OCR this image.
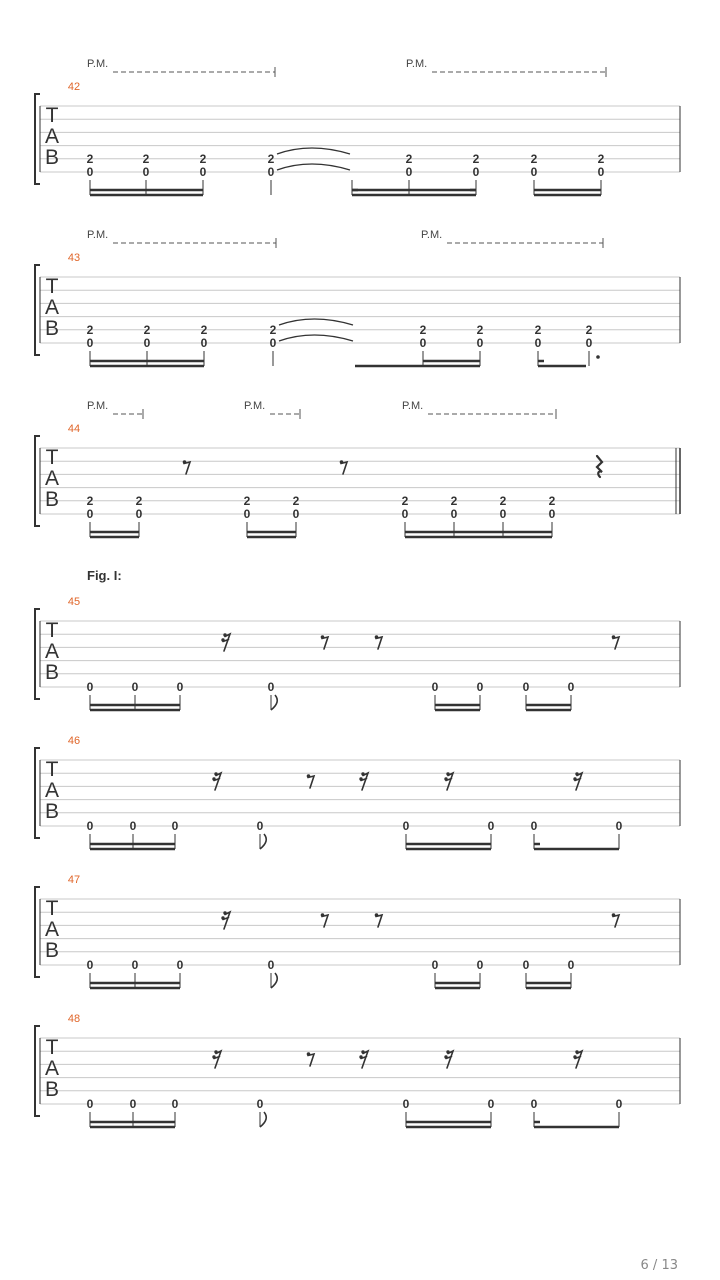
Fig. I:
T
A
B
42
P.M.	P.M.
2
0
2
0
2
0
2
0
2
0
2
0
2
0
2
0
T
A
B
43
P.M.	P.M.
2
0
2
0
2
0
2
0
2
0
2
0
2
0
2
0
T
A
B
44
P.M.	P.M.	P.M.
2
0
2
0
2
0
2
0
2
0
2
0
2
0
2
0
T
A
B
45
0	0	0	0	0	0	0	0
T
A
B
46
0	0	0	0	0	0	0	0
T
A
B
47
0	0	0	0	0	0	0	0
T
A
B
48
0	0	0	0	0	0	0	0
6 / 13
